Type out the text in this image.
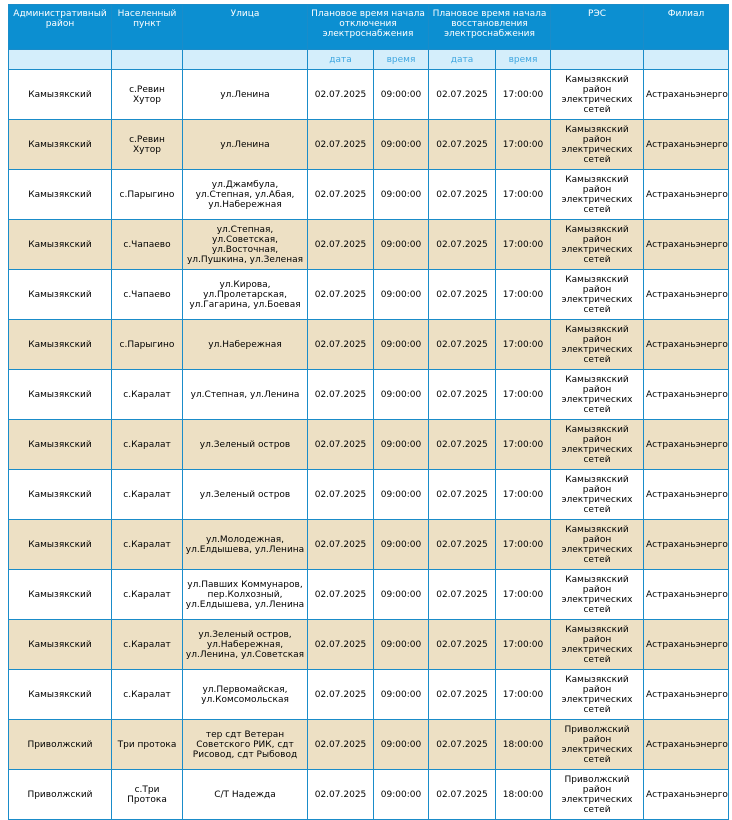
Административный район	Населенный пункт	Улица	Плановое время начала отключения электроснабжения		Плановое время начала восстановления электроснабжения		РЭС	Филиал
			дата	время	дата	время		
Камызякский	с.Ревин Хутор	ул.Ленина	02.07.2025	09:00:00	02.07.2025	17:00:00	Камызякский район электрических сетей	Астраханьэнерго
Камызякский	с.Ревин Хутор	ул.Ленина	02.07.2025	09:00:00	02.07.2025	17:00:00	Камызякский район электрических сетей	Астраханьэнерго
Камызякский	с.Парыгино	ул.Джамбула, ул.Степная, ул.Абая, ул.Набережная	02.07.2025	09:00:00	02.07.2025	17:00:00	Камызякский район электрических сетей	Астраханьэнерго
Камызякский	с.Чапаево	ул.Степная, ул.Советская, ул.Восточная, ул.Пушкина, ул.Зеленая	02.07.2025	09:00:00	02.07.2025	17:00:00	Камызякский район электрических сетей	Астраханьэнерго
Камызякский	с.Чапаево	ул.Кирова, ул.Пролетарская, ул.Гагарина, ул.Боевая	02.07.2025	09:00:00	02.07.2025	17:00:00	Камызякский район электрических сетей	Астраханьэнерго
Камызякский	с.Парыгино	ул.Набережная	02.07.2025	09:00:00	02.07.2025	17:00:00	Камызякский район электрических сетей	Астраханьэнерго
Камызякский	с.Каралат	ул.Степная, ул.Ленина	02.07.2025	09:00:00	02.07.2025	17:00:00	Камызякский район электрических сетей	Астраханьэнерго
Камызякский	с.Каралат	ул.Зеленый остров	02.07.2025	09:00:00	02.07.2025	17:00:00	Камызякский район электрических сетей	Астраханьэнерго
Камызякский	с.Каралат	ул.Зеленый остров	02.07.2025	09:00:00	02.07.2025	17:00:00	Камызякский район электрических сетей	Астраханьэнерго
Камызякский	с.Каралат	ул.Молодежная, ул.Елдышева, ул.Ленина	02.07.2025	09:00:00	02.07.2025	17:00:00	Камызякский район электрических сетей	Астраханьэнерго
Камызякский	с.Каралат	ул.Павших Коммунаров, пер.Колхозный, ул.Елдышева, ул.Ленина	02.07.2025	09:00:00	02.07.2025	17:00:00	Камызякский район электрических сетей	Астраханьэнерго
Камызякский	с.Каралат	ул.Зеленый остров, ул.Набережная, ул.Ленина, ул.Советская	02.07.2025	09:00:00	02.07.2025	17:00:00	Камызякский район электрических сетей	Астраханьэнерго
Камызякский	с.Каралат	ул.Первомайская, ул.Комсомольская	02.07.2025	09:00:00	02.07.2025	17:00:00	Камызякский район электрических сетей	Астраханьэнерго
Приволжский	Три протока	тер сдт Ветеран Советского РИК, сдт Рисовод, сдт Рыбовод	02.07.2025	09:00:00	02.07.2025	18:00:00	Приволжский район электрических сетей	Астраханьэнерго
Приволжский	с.Три Протока	С/Т Надежда	02.07.2025	09:00:00	02.07.2025	18:00:00	Приволжский район электрических сетей	Астраханьэнерго
